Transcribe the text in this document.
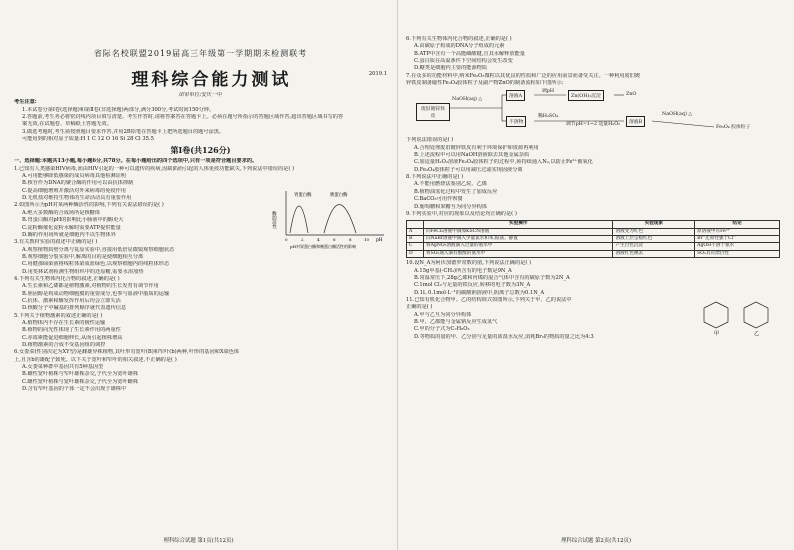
省际名校联盟2019届高三年级第一学期期末检测联考
理科综合能力测试	2019.1
命审单位:安庆一中
考生注意:
1.本试卷分第Ⅰ卷(选择题)和第Ⅱ卷(非选择题)两部分,满分300分,考试时间150分钟。
2.答题前,考生务必将密封线内项目填写清楚。考生作答时,请将答案答在答题卡上。必须在题号所指示的答题区域作答,超出答题区域书写的答
案无效,在试题卷、草稿纸上答题无效。
3.做选考题时,考生须按照题目要求作答,并用2B铅笔在答题卡上把所选题目的题号涂黑。
可能用到的相对原子质量:H 1 C 12 O 16 Si 28 Cl 35.5
第Ⅰ卷(共126分)
一、选择题:本题共13小题,每小题6分,共78分。在每小题给出的四个选项中,只有一项是符合题目要求的。
1.已知有人类感染HIV病毒,而由HIV引起的一种可以遗传的疾病,因缺陷而引起的人体免疫功能缺失,下列说法中错误的是( )
A.可用能够降低感染的成员病毒其他检测证明
B.核苷作为DNA的聚合酶的作用可以由抗体抑制
C.提高细胞增殖并激活对外来病毒的免疫作用
D.无机盐对维持生物体的生命活动具有重要作用
2.如图所示为pH对某两种酶活性的影响,下列有关说法错误的是( )
A.绝大多数酶的合成场所是核糖体
B.胃蛋白酶对pH的影响比小肠液中的酶更大
C.淀粉酶催化淀粉水解时需要ATP提供能量
D.酶的作用场所就是细胞内不以生物体外
胃蛋白酶	胰蛋白酶
酶的活性
pH
0	2	4	6	8	10
pH对胃蛋白酶和胰蛋白酶活性的影响
3.有关教材实验的叙述中正确的是( )
A.观察植物质壁分离与复原实验中,直接用低倍显微镜观察细胞状态
B.观察细胞分裂实验中,解离的目的是使细胞相互分离
C.用健那绿染液将线粒体染成蓝绿色,以观察细胞内的线粒体形态
D.用斐林试剂检测生物组织中的还原糖,需要水浴加热
4.下列有关生物体内化合物的叙述,正确的是( )
A.生长素和乙烯都是植物激素,对植物的生长发育有调节作用
B.胆固醇是构成动物细胞膜的重要成分,也参与血液中脂质的运输
C.抗体、激素和酶发挥作用后均会立即失活
D.核酸分子中碱基的排列顺序就代表遗传信息
5.下列关于植物激素的叙述正确的是( )
A.植物体内不存在生长素的极性运输
B.植物的向光性体现了生长素作用的两重性
C.赤霉素能促进细胞伸长,从而引起植株增高
D.植物激素的合成不受基因组的调控
6.女娄菜(性别决定为XY型)是雌雄异株植物,其叶形有宽叶(B)和窄叶(b)两种,叶形的基因和X染色体
上,且含b的雄配子致死。以下关于宽叶和窄叶的相关叙述,不正确的是( )
A.女娄菜种群中基因共有5种基因型
B.雌性宽叶植株与窄叶雄株杂交,子代全为宽叶雄株
C.雌性宽叶植株与宽叶雄株杂交,子代全为宽叶雌株
D.含有窄叶基因的个体一定不会出现于雄株中
理科综合试题 第1页(共12页)
6.下列有关生物体内化合物的叙述,正确的是( )
A.由碳原子构成的DNA分子组成的元素
B.ATP中含有一个高能磷酸键,且其水解释放能量
C.蛋白质在高温条件下空间结构会发生改变
D.糖类是细胞内主要的能源物质
7.在众多的功能材料中,纳米Fe₂O₃微粒以其优良的性质和广泛的应用前景而备受关注。一种利用废旧镀
锌铁皮制备磁性Fe₃O₄胶体粒子及副产物ZnO的制备流程如下图所示:
废旧镀锌铁皮
NaOH(aq) △
溶液A
调pH
Zn(OH)₂沉淀	ZnO
不溶物
稀H₂SO₄
调节pH=1~2 适量H₂O₂	溶液B
NaOH(aq) △
Fe₃O₄ 胶体粒子
下列说法错误的是( )
A.合理处理废旧镀锌铁皮有利于环境保护和资源再利用
B.上述流程中可以用NaOH溶液除去其他金属杂质
C.加适量H₂O₂溶液Fe₂O₄胶体粒子的过程中,须持续通入N₂,以防止Fe²⁺被氧化
D.Fe₃O₄胶体粒子可以用减压过滤实现固液分离
8.下列说法中正确的是( )
A.不能用燃烧法鉴别乙烷、乙烯
B.植物油氢化过程中发生了加成反应
C.BaCO₃可用作钡餐
D.葡萄糖和果糖互为同分异构体
9.下列实验中,对应的现象以及结论均正确的是( )
	实验操作	实验现象	结论
A	向FeCl₂溶液中滴加KSCN溶液	溶液变为红色	原溶液中有Fe³⁺
B	向NaBr溶液中滴入少量氯水和苯,振荡、静置	溶液上层呈橙红色	Br⁻还原性强于Cl⁻
C	将AgNO₃溶液滴入过量的氨水中	产生白色沉淀	AgOH不溶于氨水
D	将SO₂通入滴有酚酞的氨水中	溶液红色褪去	SO₂具有漂白性
10.设N_A为阿伏加德罗常数的值,下列说法正确的是( )
A.15g甲基(-CH₃)所含有的电子数是9N_A
B.常温常压下,28g乙烯和丙烯的混合气体中含有的碳原子数为2N_A
C.1mol Cl₂与足量的铁反应,转移的电子数为3N_A
D.1L 0.1mol·L⁻¹的碳酸钠溶液中,阴离子总数为0.1N_A
11.已知有机化合物甲、乙的结构简式如图所示,下列关于甲、乙的说法中
正确的是( )
A.甲与乙互为同分异构体
B.甲、乙都能与金属钠反应生成氢气
C.甲的分子式为C₇H₆O₃
D.等物质的量的甲、乙分别与足量的浓溴水反应,消耗Br₂的物质的量之比为4:3	甲	乙
理科综合试题 第2页(共12页)
